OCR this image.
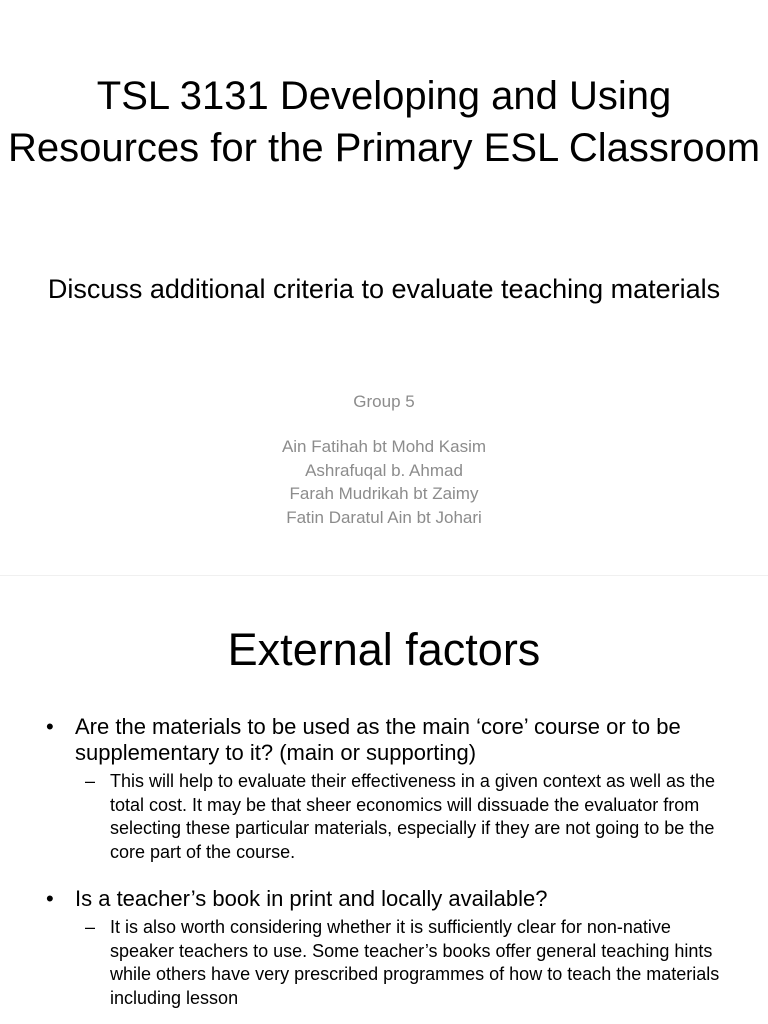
TSL 3131 Developing and Using Resources for the Primary ESL Classroom

Discuss additional criteria to evaluate teaching materials

Group 5
Ain Fatihah bt Mohd Kasim
Ashrafuqal b. Ahmad
Farah Mudrikah bt Zaimy
Fatin Daratul Ain bt Johari
External factors
• Are the materials to be used as the main ‘core’ course or to be supplementary to it? (main or supporting)
– This will help to evaluate their effectiveness in a given context as well as the total cost. It may be that sheer economics will dissuade the evaluator from selecting these particular materials, especially if they are not going to be the core part of the course.
• Is a teacher’s book in print and locally available?
– It is also worth considering whether it is sufficiently clear for non-native speaker teachers to use. Some teacher’s books offer general teaching hints while others have very prescribed programmes of how to teach the materials including lesson
